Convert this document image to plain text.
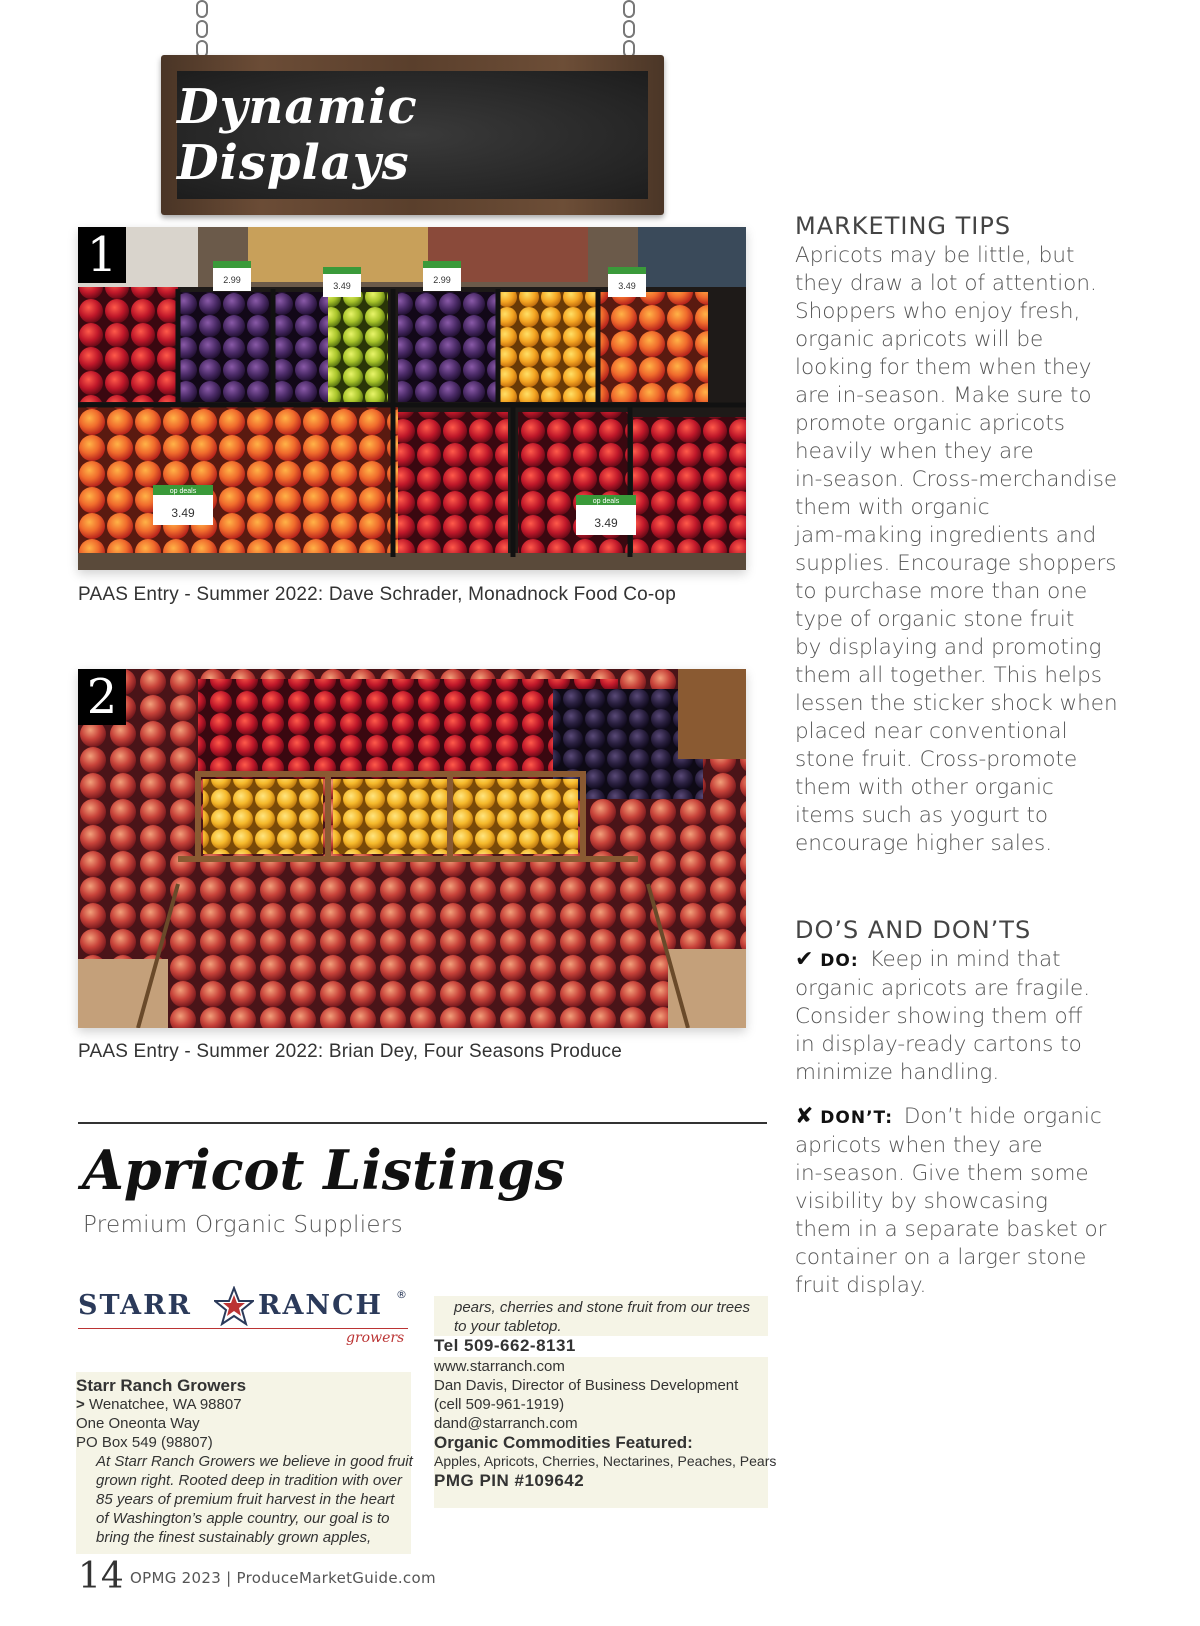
Dynamic Displays
1	2.99
3.49
2.99
3.49
op deals
3.49
op deals
3.49
PAAS Entry - Summer 2022: Dave Schrader, Monadnock Food Co-op
2
PAAS Entry - Summer 2022: Brian Dey, Four Seasons Produce
MARKETING TIPS
Apricots may be little, but
they draw a lot of attention.
Shoppers who enjoy fresh,
organic apricots will be
looking for them when they
are in-season. Make sure to
promote organic apricots
heavily when they are
in-season. Cross-merchandise
them with organic
jam-making ingredients and
supplies. Encourage shoppers
to purchase more than one
type of organic stone fruit
by displaying and promoting
them all together. This helps
lessen the sticker shock when
placed near conventional
stone fruit. Cross-promote
them with other organic
items such as yogurt to
encourage higher sales.
DO’S AND DON’TS
✔ DO: Keep in mind that
organic apricots are fragile.
Consider showing them off
in display-ready cartons to
minimize handling.
✘ DON’T: Don’t hide organic
apricots when they are
in-season. Give them some
visibility by showcasing
them in a separate basket or
container on a larger stone
fruit display.
Apricot Listings
Premium Organic Suppliers
STARR RANCH ®
growers
Starr Ranch Growers
> Wenatchee, WA 98807
One Oneonta Way
PO Box 549 (98807)
At Starr Ranch Growers we believe in good fruit
grown right. Rooted deep in tradition with over
85 years of premium fruit harvest in the heart
of Washington’s apple country, our goal is to
bring the finest sustainably grown apples,
pears, cherries and stone fruit from our trees
to your tabletop.
Tel 509-662-8131
www.starranch.com
Dan Davis, Director of Business Development
(cell 509-961-1919)
dand@starranch.com
Organic Commodities Featured:
Apples, Apricots, Cherries, Nectarines, Peaches, Pears
PMG PIN #109642
14 OPMG 2023 | ProduceMarketGuide.com
